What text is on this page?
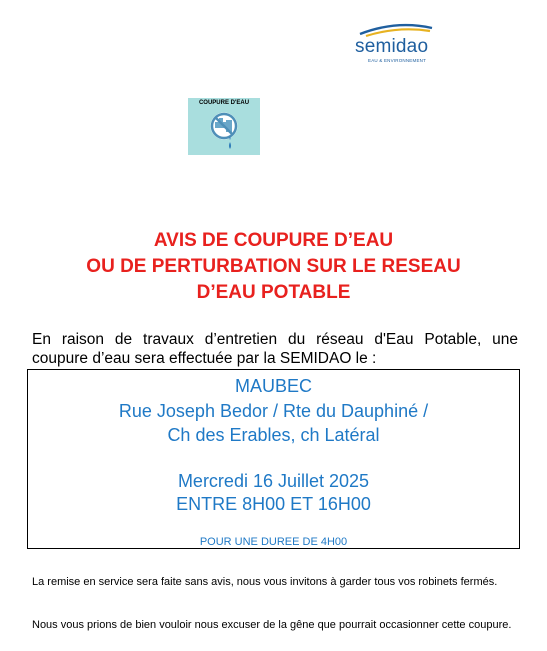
semidao
EAU & ENVIRONNEMENT
COUPURE D'EAU
AVIS DE COUPURE D’EAU
OU DE PERTURBATION SUR LE RESEAU
D’EAU POTABLE
En raison de travaux d’entretien du réseau d'Eau Potable, une
coupure d’eau sera effectuée par la SEMIDAO le :
MAUBEC
Rue Joseph Bedor / Rte du Dauphiné /
Ch des Erables, ch Latéral
Mercredi 16 Juillet 2025
ENTRE 8H00 ET 16H00
POUR UNE DUREE DE 4H00
La remise en service sera faite sans avis, nous vous invitons à garder tous vos robinets fermés.
Nous vous prions de bien vouloir nous excuser de la gêne que pourrait occasionner cette coupure.
